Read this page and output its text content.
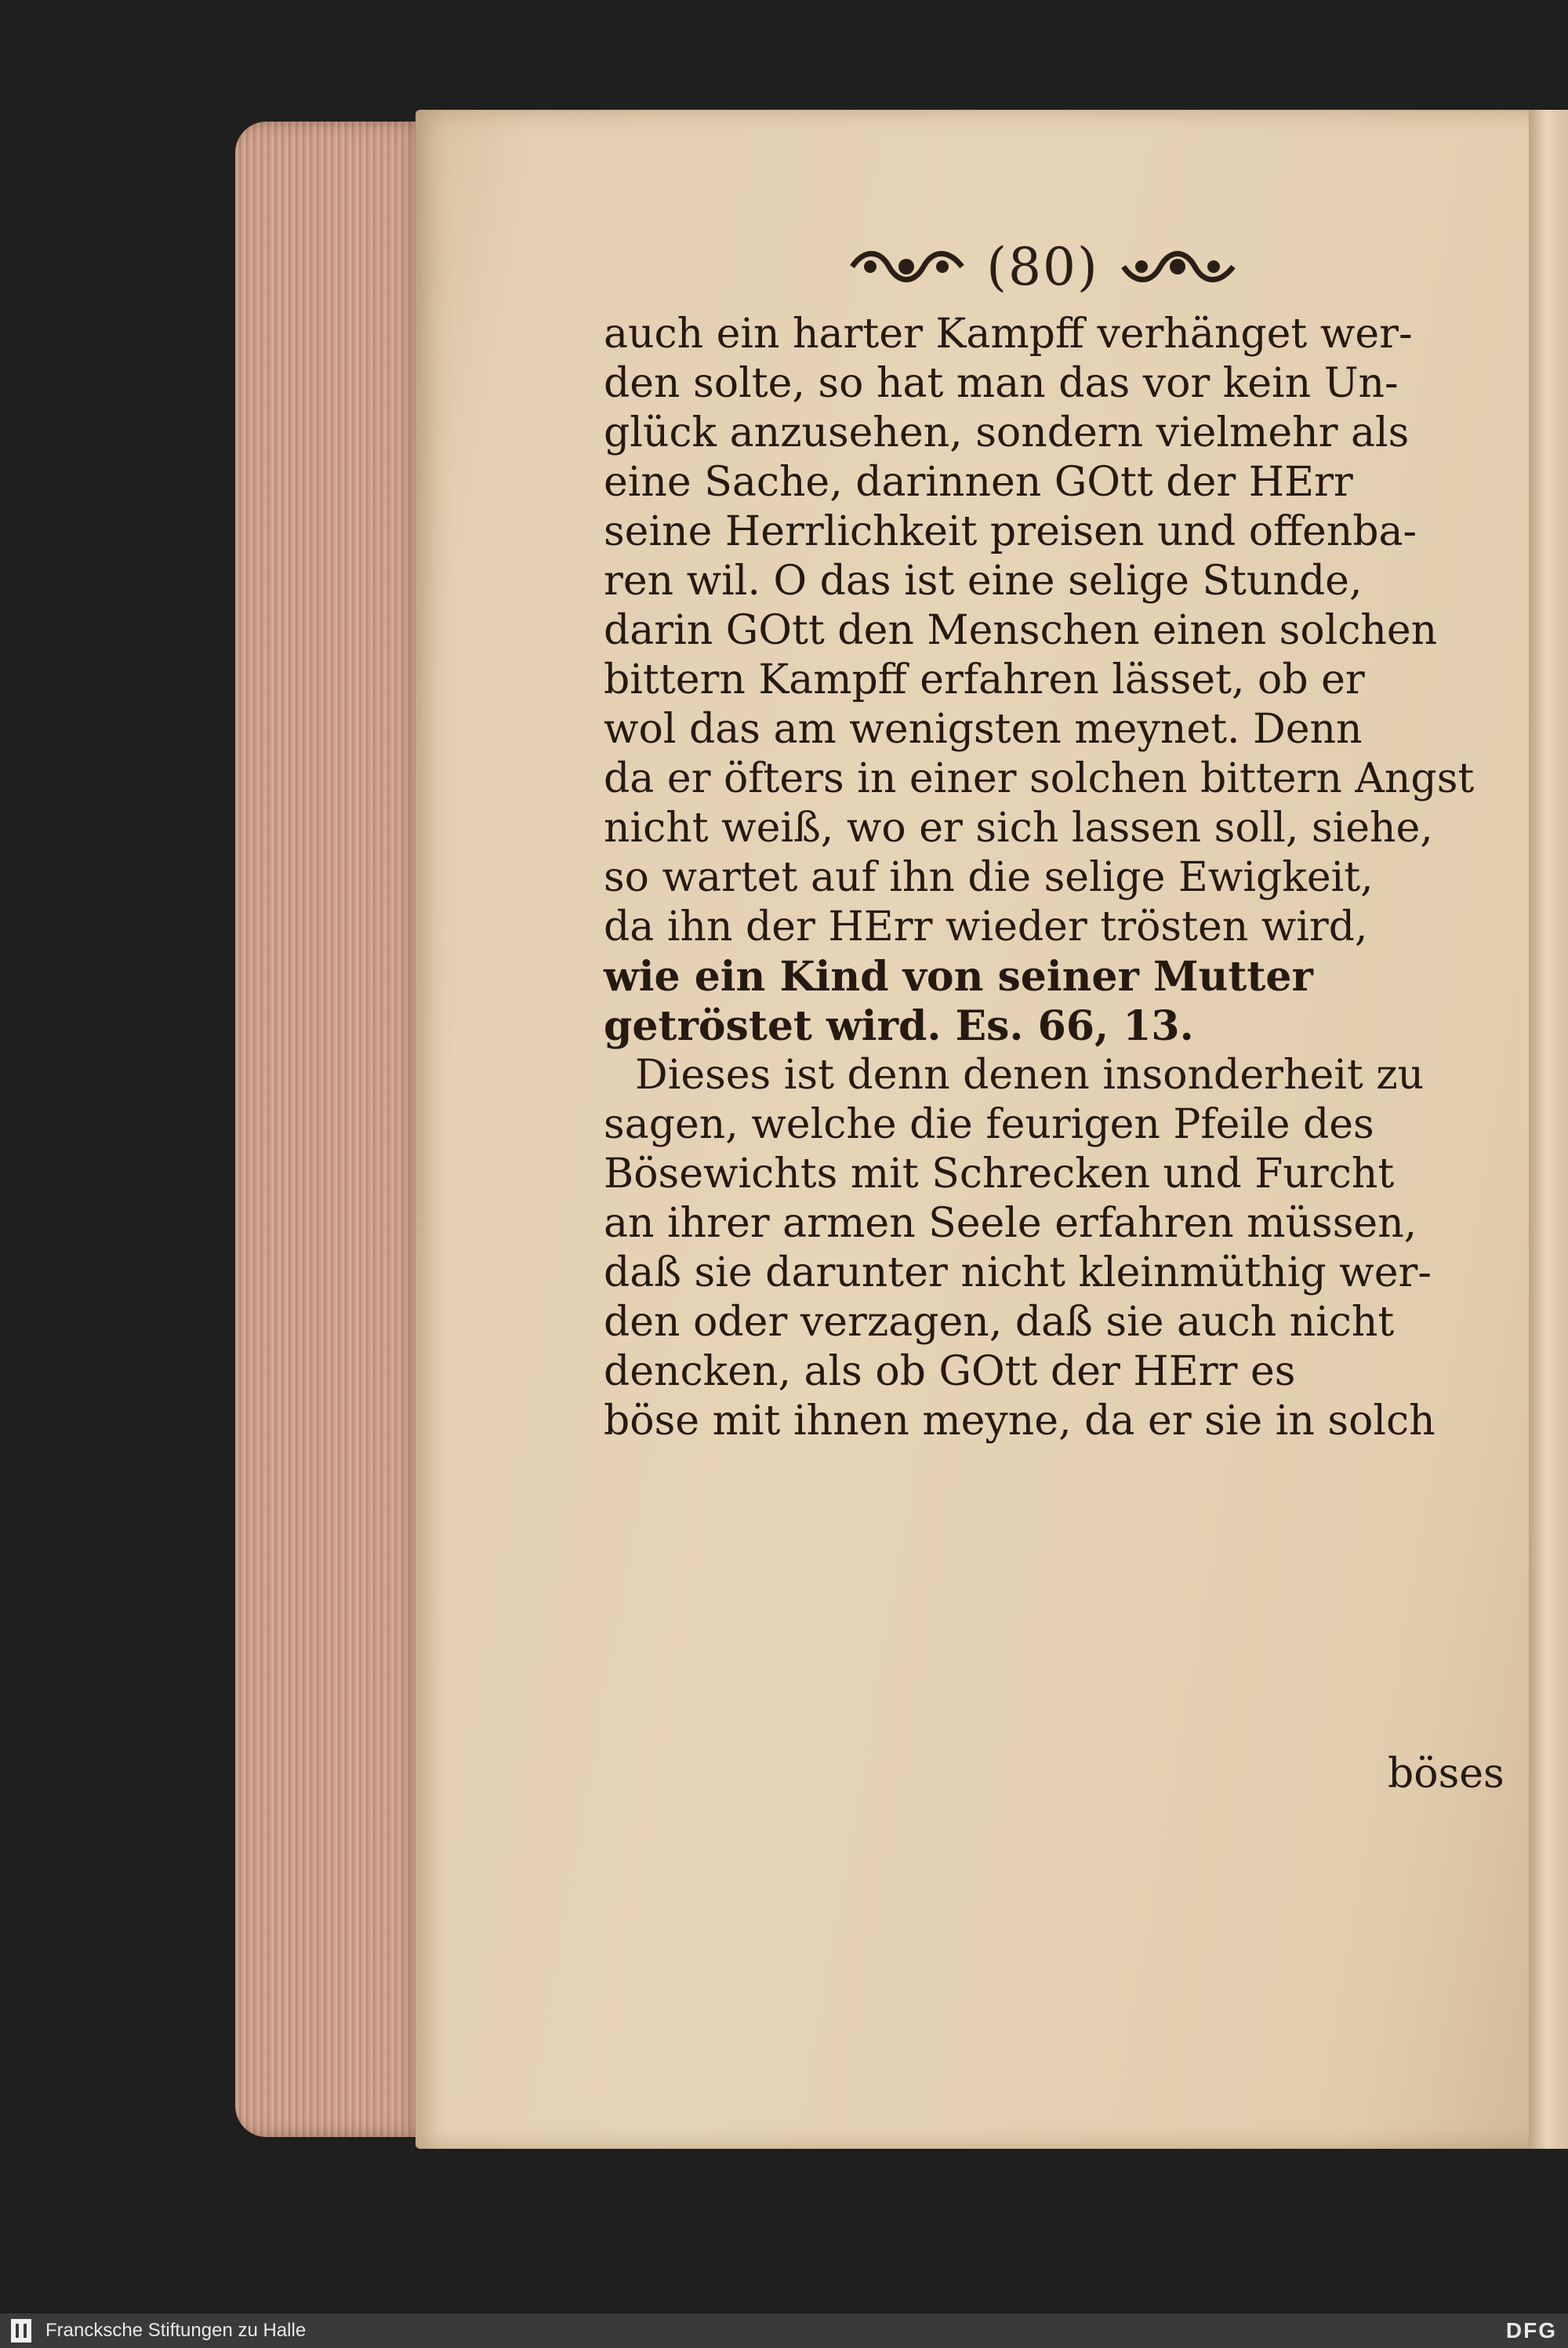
(80)
auch ein harter Kampff verhänget wer-
den solte, so hat man das vor kein Un-
glück anzusehen, sondern vielmehr als
eine Sache, darinnen GOtt der HErr
seine Herrlichkeit preisen und offenba-
ren wil. O das ist eine selige Stunde,
darin GOtt den Menschen einen solchen
bittern Kampff erfahren lässet, ob er
wol das am wenigsten meynet. Denn
da er öfters in einer solchen bittern Angst
nicht weiß, wo er sich lassen soll, siehe,
so wartet auf ihn die selige Ewigkeit,
da ihn der HErr wieder trösten wird,
wie ein Kind von seiner Mutter
getröstet wird. Es. 66, 13.
Dieses ist denn denen insonderheit zu
sagen, welche die feurigen Pfeile des
Bösewichts mit Schrecken und Furcht
an ihrer armen Seele erfahren müssen,
daß sie darunter nicht kleinmüthig wer-
den oder verzagen, daß sie auch nicht
dencken, als ob GOtt der HErr es
böse mit ihnen meyne, da er sie in solch
böses
Francksche Stiftungen zu Halle	DFG
